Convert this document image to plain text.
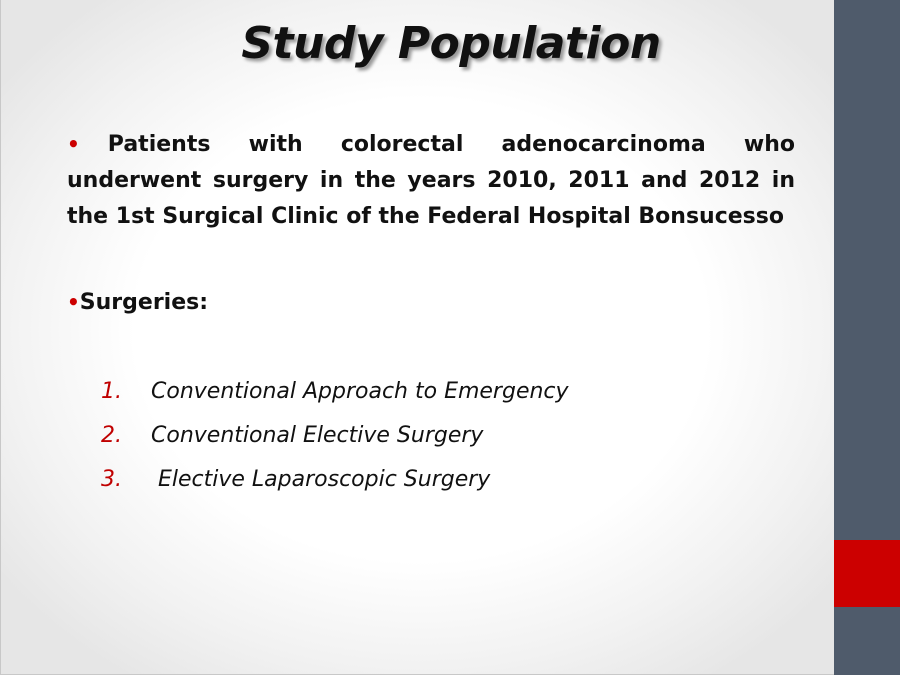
Study Population
• Patients with colorectal adenocarcinoma who underwent surgery in the years 2010, 2011 and 2012 in the 1st Surgical Clinic of the Federal Hospital Bonsucesso
•Surgeries:
1. Conventional Approach to Emergency
2. Conventional Elective Surgery
3. Elective Laparoscopic Surgery
